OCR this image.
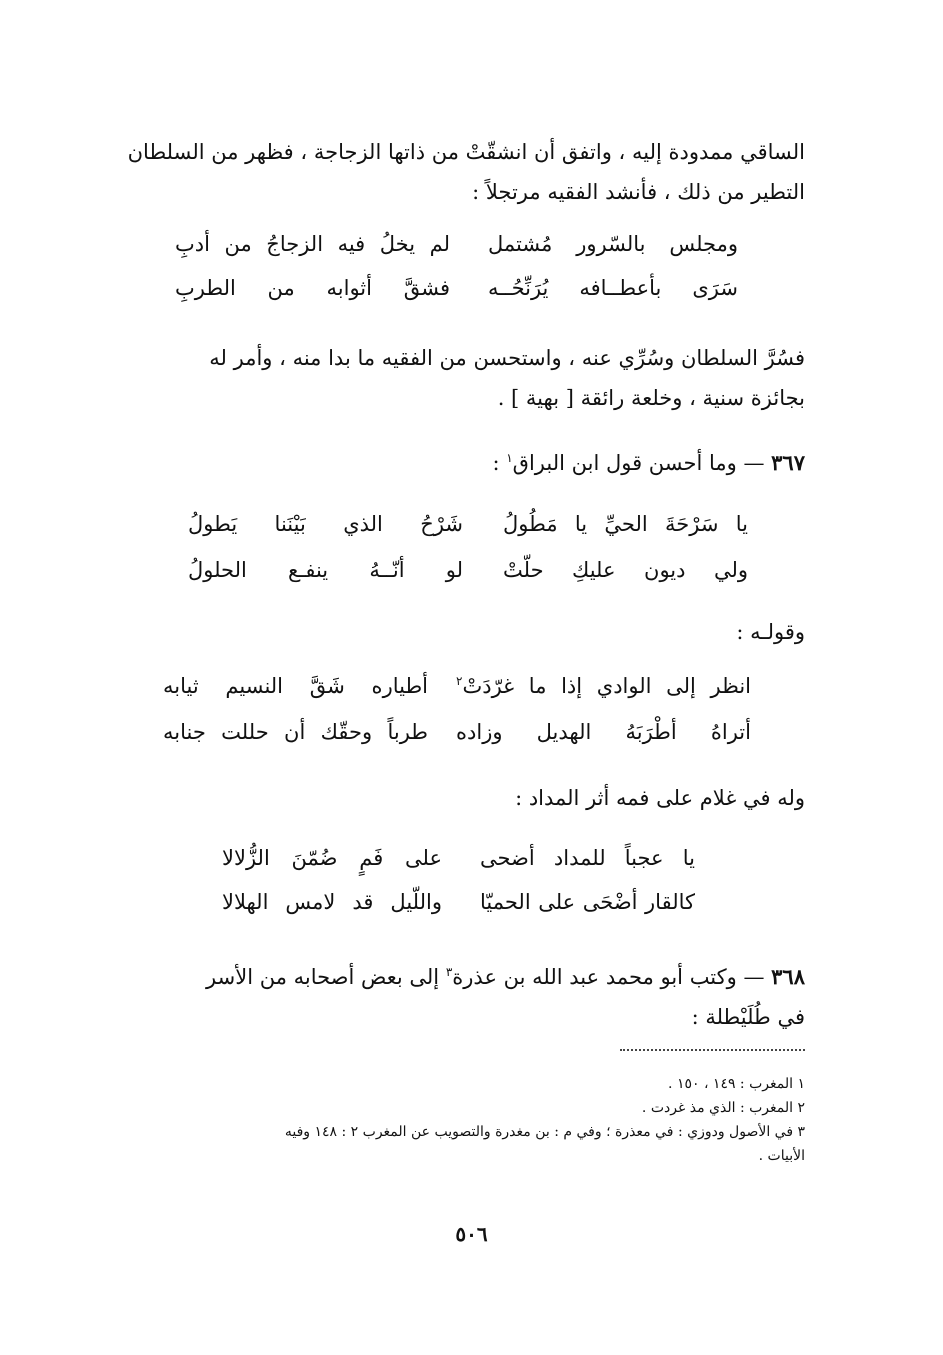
الساقي ممدودة إليه ، واتفق أن انشقّتْ من ذاتها الزجاجة ، فظهر من السلطان

التطير من ذلك ، فأنشد الفقيه مرتجلاً :

ومجلس بالسّرور مُشتمل
لم يخلُ فيه الزجاجُ من أدبِ
سَرَى بأعطــافه يُرَنِّحُــه
فشقَّ أثوابه من الطربِ

فسُرَّ السلطان وسُرِّي عنه ، واستحسن من الفقيه ما بدا منه ، وأمر له

بجائزة سنية ، وخلعة رائقة [ بهية ] .

٣٦٧ — وما أحسن قول ابن البراق$^١$ :
يا سَرْحَةَ الحيِّ يا مَطُولُ
شَرْحُ الذي بَيْنَنا يَطولُ
ولي ديون عليكِ حلّتْ
لو أنّــهُ ينفـع الحلولُ
وقولـه :
انظر إلى الوادي إذا ما غرّدَتْ$^٢$
أطياره شَقَّ النسيم ثيابه
أتراهُ أطْرَبَهُ الهديل وزاده
طرباً وحقّك أن حللت جنابه
وله في غلام على فمه أثر المداد :
يا عجباً للمداد أضحى
على فَمٍ ضُمّنَ الزُّلالا
كالقار أضْحَى على الحميّا
واللّيل قد لامس الهلالا

٣٦٨ — وكتب أبو محمد عبد الله بن عذرة$^٣$ إلى بعض أصحابه من الأسر

في طُلَيْطلة :

١ المغرب : ١٤٩ ، ١٥٠ .
٢ المغرب : الذي مذ غردت .
٣ في الأصول ودوزي : في معذرة ؛ وفي م : بن مغدرة والتصويب عن المغرب ٢ : ١٤٨ وفيه
الأبيات .
٥٠٦
